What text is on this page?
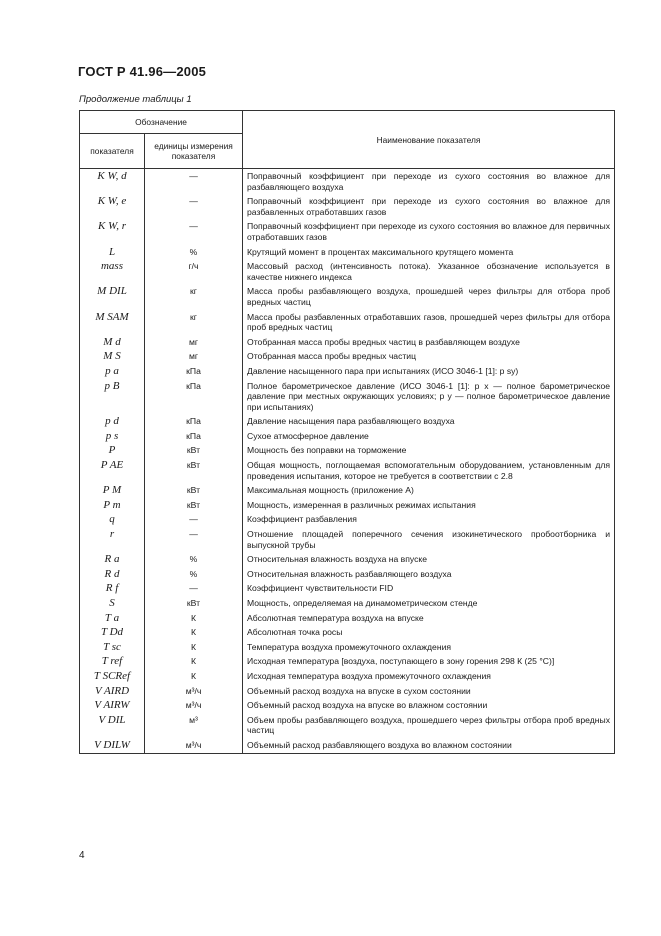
ГОСТ Р 41.96—2005
Продолжение таблицы 1
Обозначение		Наименование показателя
показателя	единицы измерения показателя	
K W, d	—	Поправочный коэффициент при переходе из сухого состояния во влажное для разбавляющего воздуха
K W, e	—	Поправочный коэффициент при переходе из сухого состояния во влажное для разбавленных отработавших газов
K W, r	—	Поправочный коэффициент при переходе из сухого состояния во влажное для первичных отработавших газов
L	%	Крутящий момент в процентах максимального крутящего момента
mass	г/ч	Массовый расход (интенсивность потока). Указанное обозначение используется в качестве нижнего индекса
M DIL	кг	Масса пробы разбавляющего воздуха, прошедшей через фильтры для отбора проб вредных частиц
M SAM	кг	Масса пробы разбавленных отработавших газов, прошедшей через фильтры для отбора проб вредных частиц
M d	мг	Отобранная масса пробы вредных частиц в разбавляющем воздухе
M S	мг	Отобранная масса пробы вредных частиц
p a	кПа	Давление насыщенного пара при испытаниях (ИСО 3046-1 [1]: p sy)
p B	кПа	Полное барометрическое давление (ИСО 3046-1 [1]: p x — полное барометрическое давление при местных окружающих условиях; p y — полное барометрическое давление при испытаниях)
p d	кПа	Давление насыщения пара разбавляющего воздуха
p s	кПа	Сухое атмосферное давление
P	кВт	Мощность без поправки на торможение
P AE	кВт	Общая мощность, поглощаемая вспомогательным оборудованием, установленным для проведения испытания, которое не требуется в соответствии с 2.8
P M	кВт	Максимальная мощность (приложение А)
P m	кВт	Мощность, измеренная в различных режимах испытания
q	—	Коэффициент разбавления
r	—	Отношение площадей поперечного сечения изокинетического пробоотборника и выпускной трубы
R a	%	Относительная влажность воздуха на впуске
R d	%	Относительная влажность разбавляющего воздуха
R f	—	Коэффициент чувствительности FID
S	кВт	Мощность, определяемая на динамометрическом стенде
T a	К	Абсолютная температура воздуха на впуске
T Dd	К	Абсолютная точка росы
T sc	К	Температура воздуха промежуточного охлаждения
T ref	К	Исходная температура [воздуха, поступающего в зону горения 298 К (25 °С)]
T SCRef	К	Исходная температура воздуха промежуточного охлаждения
V AIRD	м³/ч	Объемный расход воздуха на впуске в сухом состоянии
V AIRW	м³/ч	Объемный расход воздуха на впуске во влажном состоянии
V DIL	м³	Объем пробы разбавляющего воздуха, прошедшего через фильтры отбора проб вредных частиц
V DILW	м³/ч	Объемный расход разбавляющего воздуха во влажном состоянии
4
